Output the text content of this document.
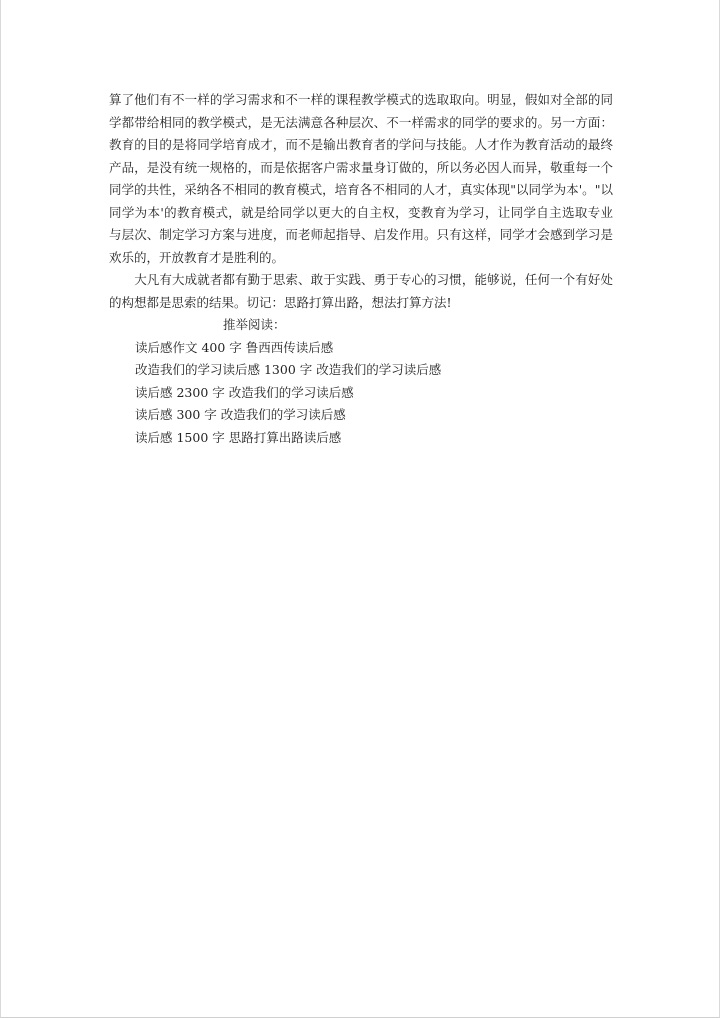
算了他们有不一样的学习需求和不一样的课程教学模式的选取取向。明显，假如对全部的同
学都带给相同的教学模式，是无法满意各种层次、不一样需求的同学的要求的。另一方面：
教育的目的是将同学培育成才，而不是输出教育者的学问与技能。人才作为教育活动的最终
产品，是没有统一规格的，而是依据客户需求量身订做的，所以务必因人而异，敬重每一个
同学的共性，采纳各不相同的教育模式，培育各不相同的人才，真实体现"以同学为本'。"以
同学为本'的教育模式，就是给同学以更大的自主权，变教育为学习，让同学自主选取专业
与层次、制定学习方案与进度，而老师起指导、启发作用。只有这样，同学才会感到学习是
欢乐的，开放教育才是胜利的。
　　大凡有大成就者都有勤于思索、敢于实践、勇于专心的习惯，能够说，任何一个有好处
的构想都是思索的结果。切记：思路打算出路，想法打算方法!
推举阅读：
读后感作文 400 字 鲁西西传读后感
改造我们的学习读后感 1300 字 改造我们的学习读后感
读后感 2300 字 改造我们的学习读后感
读后感 300 字 改造我们的学习读后感
读后感 1500 字 思路打算出路读后感
